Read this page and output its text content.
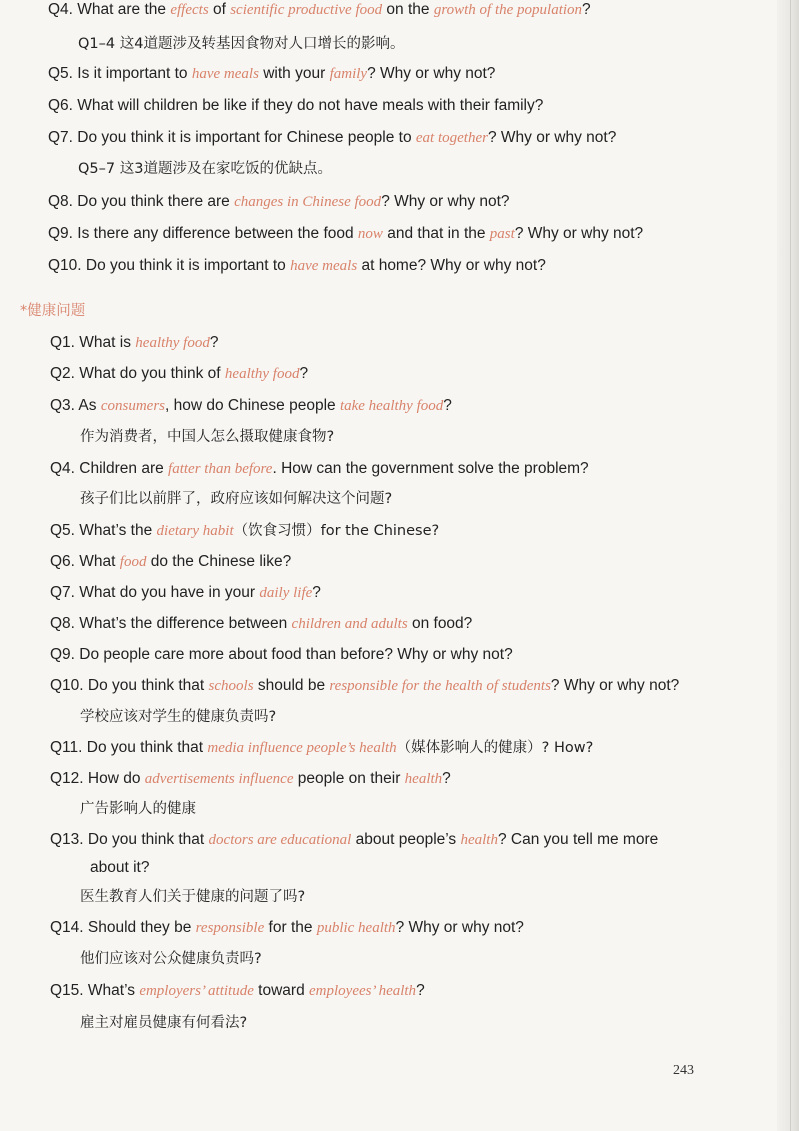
*健康问题
Q4. What are the effects of scientific productive food on the growth of the population?
Q1–4 这4道题涉及转基因食物对人口增长的影响。
Q5. Is it important to have meals with your family? Why or why not?
Q6. What will children be like if they do not have meals with their family?
Q7. Do you think it is important for Chinese people to eat together? Why or why not?
Q5–7 这3道题涉及在家吃饭的优缺点。
Q8. Do you think there are changes in Chinese food? Why or why not?
Q9. Is there any difference between the food now and that in the past? Why or why not?
Q10. Do you think it is important to have meals at home? Why or why not?
Q1. What is healthy food?
Q2. What do you think of healthy food?
Q3. As consumers, how do Chinese people take healthy food?
作为消费者，中国人怎么摄取健康食物?
Q4. Children are fatter than before. How can the government solve the problem?
孩子们比以前胖了，政府应该如何解决这个问题?
Q5. What’s the dietary habit（饮食习惯）for the Chinese?
Q6. What food do the Chinese like?
Q7. What do you have in your daily life?
Q8. What’s the difference between children and adults on food?
Q9. Do people care more about food than before? Why or why not?
Q10. Do you think that schools should be responsible for the health of students? Why or why not?
学校应该对学生的健康负责吗?
Q11. Do you think that media influence people’s health（媒体影响人的健康）? How?
Q12. How do advertisements influence people on their health?
广告影响人的健康
Q13. Do you think that doctors are educational about people’s health? Can you tell me more
about it?
医生教育人们关于健康的问题了吗?
Q14. Should they be responsible for the public health? Why or why not?
他们应该对公众健康负责吗?
Q15. What’s employers’ attitude toward employees’ health?
雇主对雇员健康有何看法?
243
